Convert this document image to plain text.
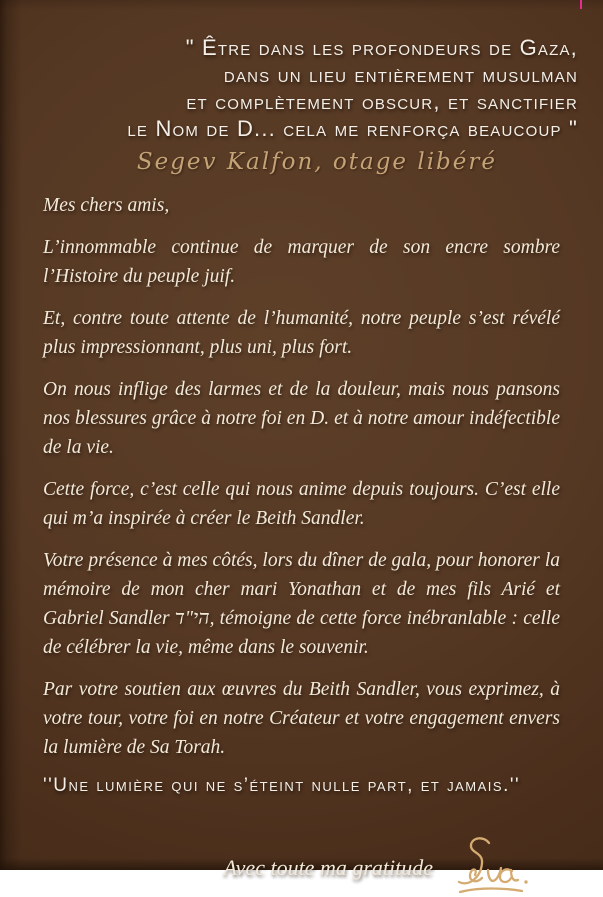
" Être dans les profondeurs de Gaza,
dans un lieu entièrement musulman
et complètement obscur, et sanctifier
le Nom de D... cela me renforça beaucoup "
Segev Kalfon, otage libéré

Mes chers amis,

L’innommable continue de marquer de son encre sombre l’Histoire du peuple juif.

Et, contre toute attente de l’humanité, notre peuple s’est révélé plus impressionnant, plus uni, plus fort.

On nous inflige des larmes et de la douleur, mais nous pansons nos blessures grâce à notre foi en D. et à notre amour indéfectible de la vie.

Cette force, c’est celle qui nous anime depuis toujours. C’est elle qui m’a inspirée à créer le Beith Sandler.

Votre présence à mes côtés, lors du dîner de gala, pour honorer la mémoire de mon cher mari Yonathan et de mes fils Arié et Gabriel Sandler הי"ד, témoigne de cette force inébranlable : celle de célébrer la vie, même dans le souvenir.

Par votre soutien aux œuvres du Beith Sandler, vous exprimez, à votre tour, votre foi en notre Créateur et votre engagement envers la lumière de Sa Torah.

''Une lumière qui ne s’éteint nulle part, et jamais.''
Avec toute ma gratitude
